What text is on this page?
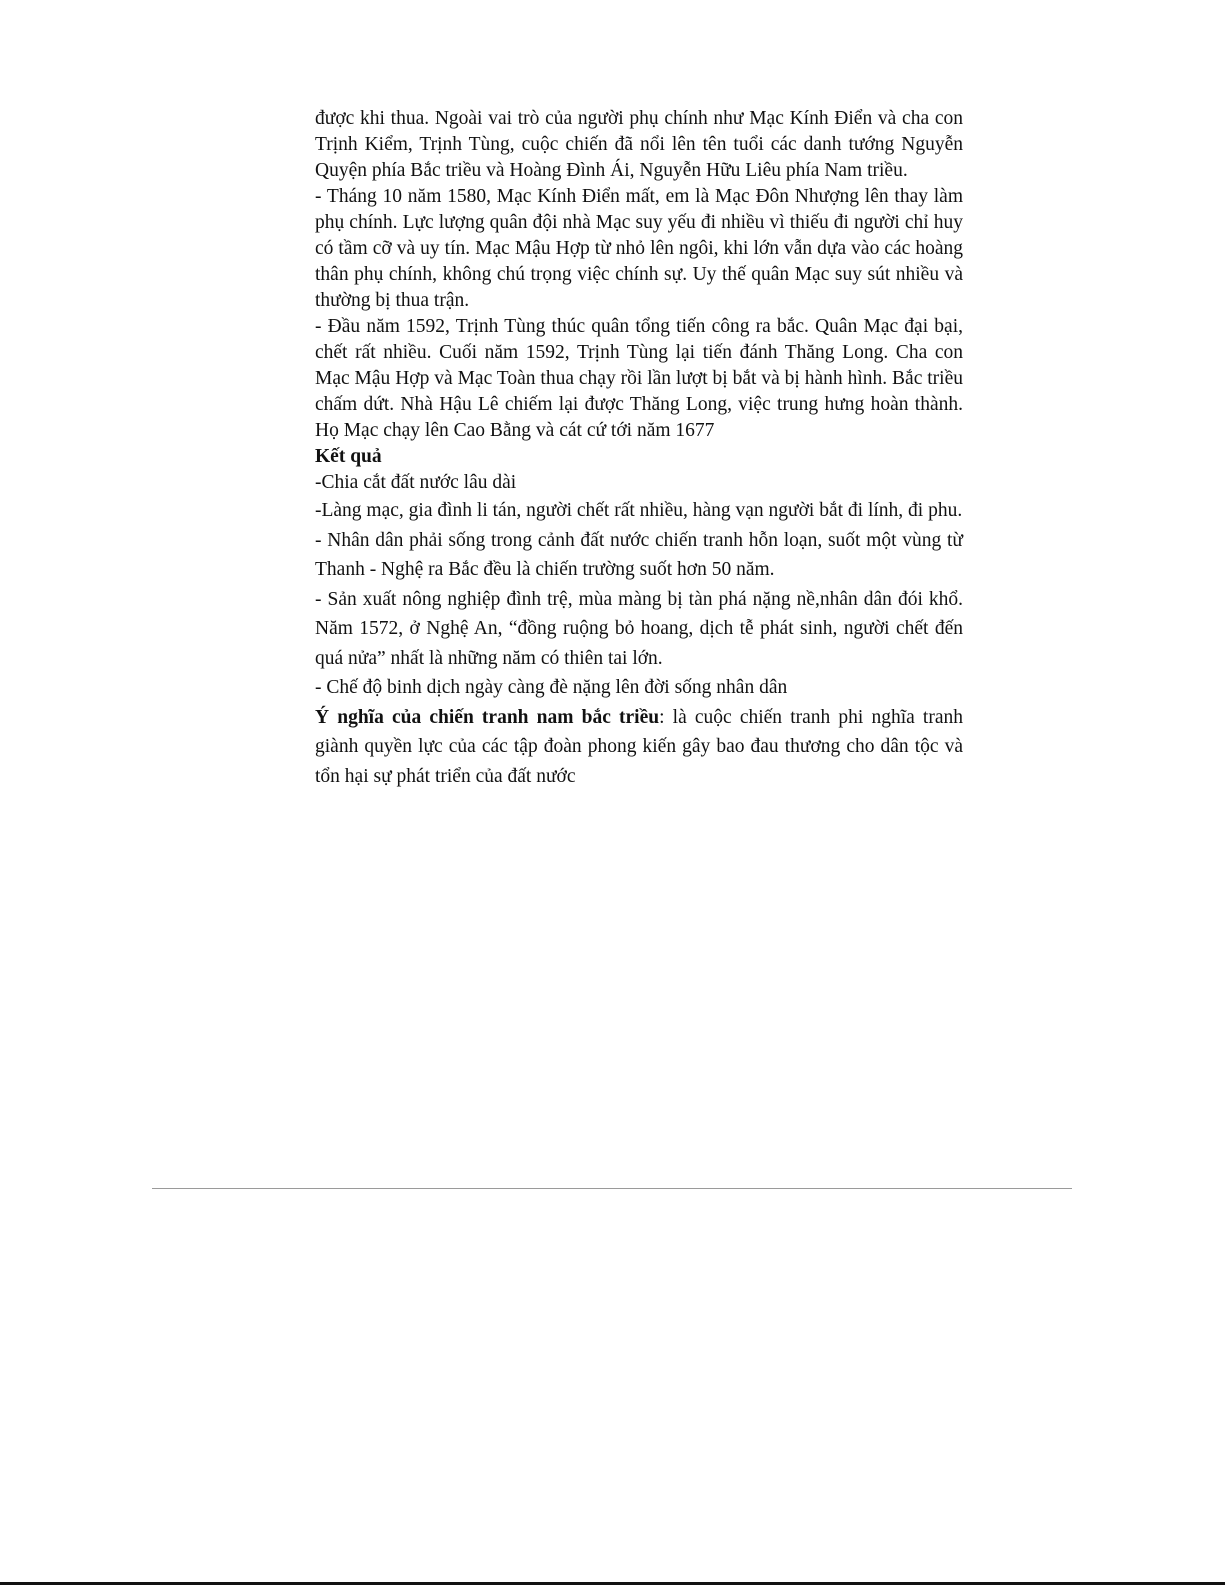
được khi thua. Ngoài vai trò của người phụ chính như Mạc Kính Điển và cha con Trịnh Kiểm, Trịnh Tùng, cuộc chiến đã nổi lên tên tuổi các danh tướng Nguyễn Quyện phía Bắc triều và Hoàng Đình Ái, Nguyễn Hữu Liêu phía Nam triều.

- Tháng 10 năm 1580, Mạc Kính Điển mất, em là Mạc Đôn Nhượng lên thay làm phụ chính. Lực lượng quân đội nhà Mạc suy yếu đi nhiều vì thiếu đi người chỉ huy có tầm cỡ và uy tín. Mạc Mậu Hợp từ nhỏ lên ngôi, khi lớn vẫn dựa vào các hoàng thân phụ chính, không chú trọng việc chính sự. Uy thế quân Mạc suy sút nhiều và thường bị thua trận.

- Đầu năm 1592, Trịnh Tùng thúc quân tổng tiến công ra bắc. Quân Mạc đại bại, chết rất nhiều. Cuối năm 1592, Trịnh Tùng lại tiến đánh Thăng Long. Cha con Mạc Mậu Hợp và Mạc Toàn thua chạy rồi lần lượt bị bắt và bị hành hình. Bắc triều chấm dứt. Nhà Hậu Lê chiếm lại được Thăng Long, việc trung hưng hoàn thành. Họ Mạc chạy lên Cao Bằng và cát cứ tới năm 1677

Kết quả

-Chia cắt đất nước lâu dài

-Làng mạc, gia đình li tán, người chết rất nhiều, hàng vạn người bắt đi lính, đi phu.

- Nhân dân phải sống trong cảnh đất nước chiến tranh hỗn loạn, suốt một vùng từ Thanh - Nghệ ra Bắc đều là chiến trường suốt hơn 50 năm.

- Sản xuất nông nghiệp đình trệ, mùa màng bị tàn phá nặng nề,nhân dân đói khổ. Năm 1572, ở Nghệ An, “đồng ruộng bỏ hoang, dịch tễ phát sinh, người chết đến quá nửa” nhất là những năm có thiên tai lớn.

- Chế độ binh dịch ngày càng đè nặng lên đời sống nhân dân

Ý nghĩa của chiến tranh nam bắc triều: là cuộc chiến tranh phi nghĩa tranh giành quyền lực của các tập đoàn phong kiến gây bao đau thương cho dân tộc và tổn hại sự phát triển của đất nước
